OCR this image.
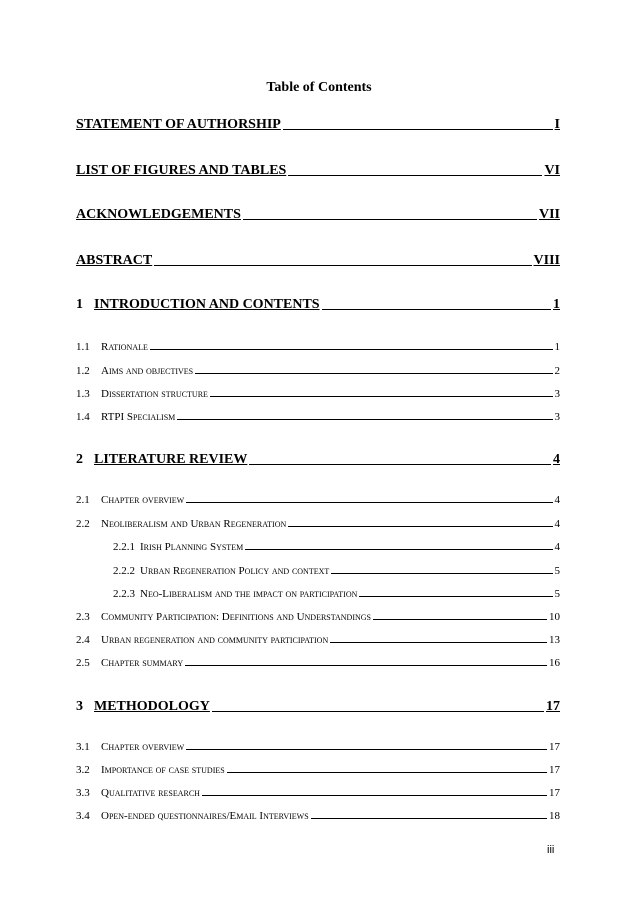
Table of Contents
STATEMENT OF AUTHORSHIP	I
LIST OF FIGURES AND TABLES	VI
ACKNOWLEDGEMENTS	VII
ABSTRACT	VIII
1 INTRODUCTION AND CONTENTS	1
1.1	Rationale	1
1.2	Aims and objectives	2
1.3	Dissertation structure	3
1.4	RTPI Specialism	3
2 LITERATURE REVIEW	4
2.1	Chapter overview	4
2.2	Neoliberalism and Urban Regeneration	4
2.2.1 Irish Planning System	4
2.2.2 Urban Regeneration Policy and context	5
2.2.3 Neo-Liberalism and the impact on participation	5
2.3	Community Participation: Definitions and Understandings	10
2.4	Urban regeneration and community participation	13
2.5	Chapter summary	16
3 METHODOLOGY	17
3.1	Chapter overview	17
3.2	Importance of case studies	17
3.3	Qualitative research	17
3.4	Open-ended questionnaires/Email Interviews	18
iii
